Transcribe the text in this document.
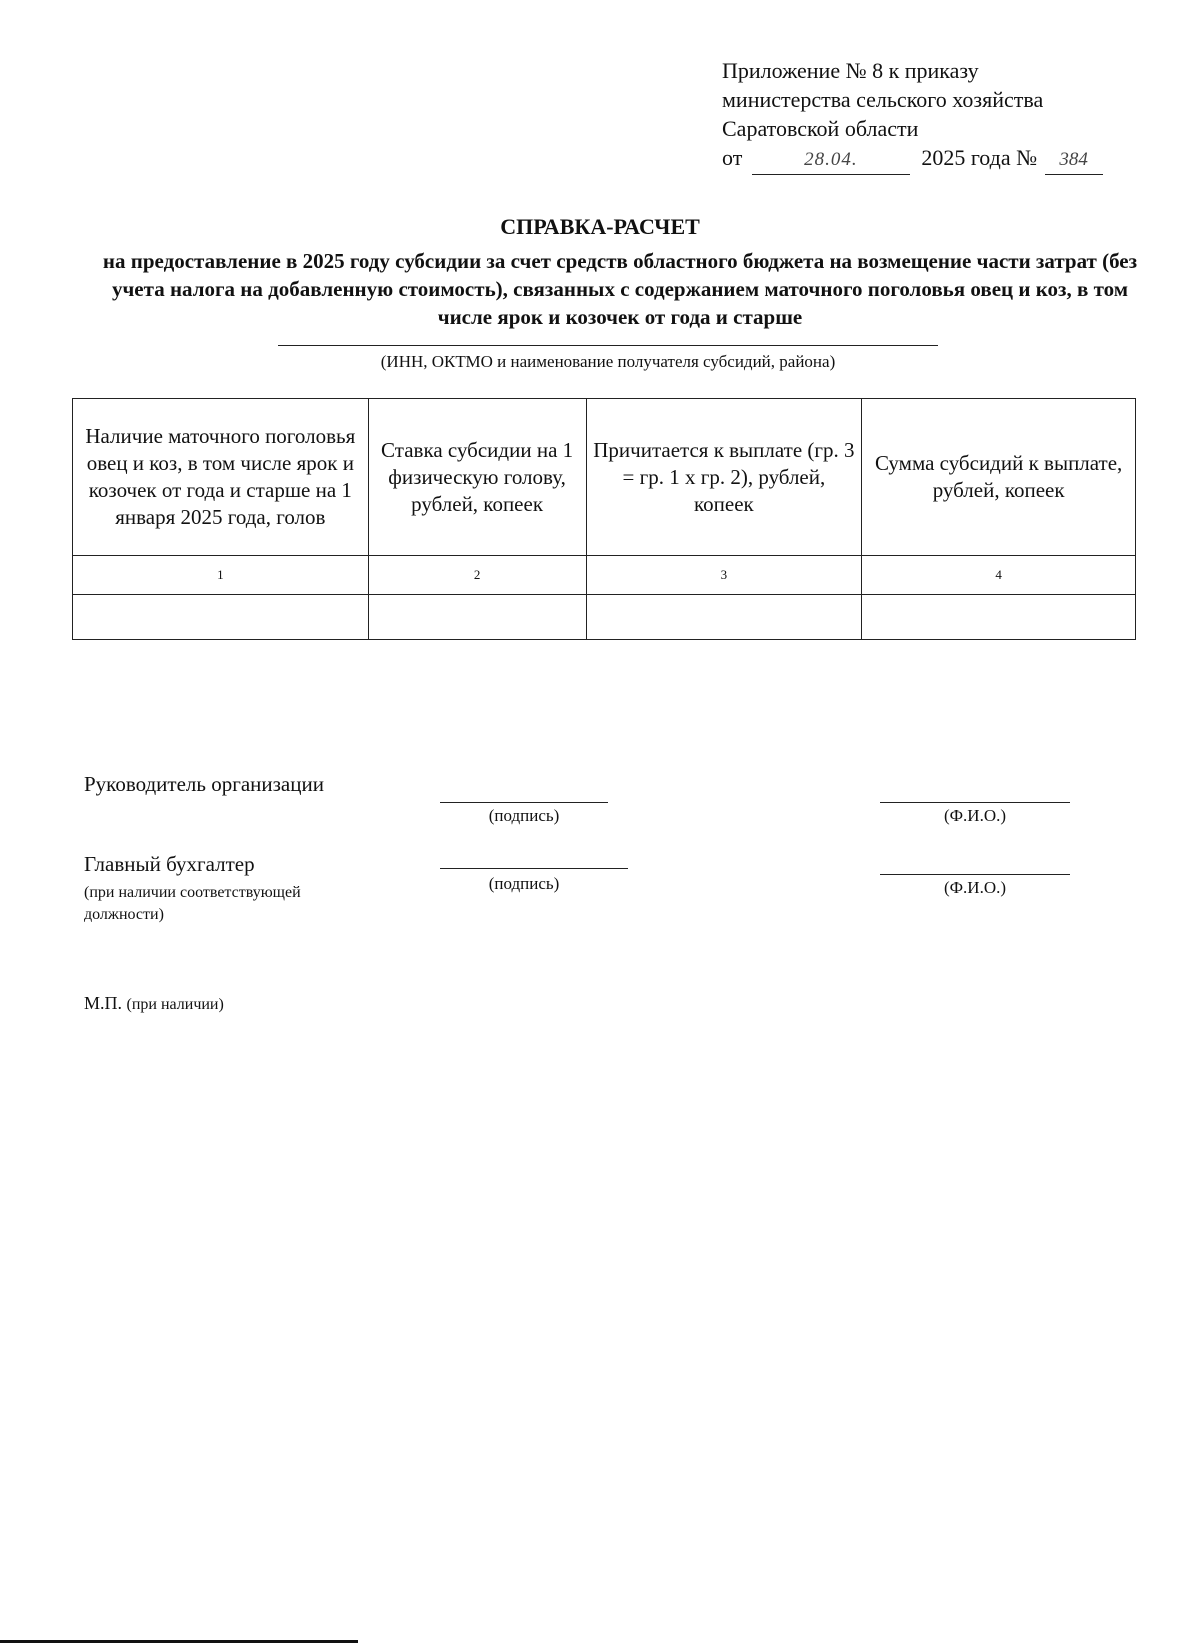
Приложение № 8 к приказу
министерства сельского хозяйства
Саратовской области
от	28.04.	2025 года № 384
СПРАВКА-РАСЧЕТ
на предоставление в 2025 году субсидии за счет средств областного бюджета на возмещение части затрат (без учета налога на добавленную стоимость), связанных с содержанием маточного поголовья овец и коз, в том числе ярок и козочек от года и старше
(ИНН, ОКТМО и наименование получателя субсидий, района)
Наличие маточного поголовья овец и коз, в том числе ярок и козочек от года и старше на 1 января 2025 года, голов	Ставка субсидии на 1 физическую голову, рублей, копеек	Причитается к выплате (гр. 3 = гр. 1 х гр. 2), рублей, копеек	Сумма субсидий к выплате, рублей, копеек
1	2	3	4

Руководитель организации
(подпись)	(Ф.И.О.)
Главный бухгалтер
(при наличии соответствующей должности)
(подпись)	(Ф.И.О.)
М.П. (при наличии)
